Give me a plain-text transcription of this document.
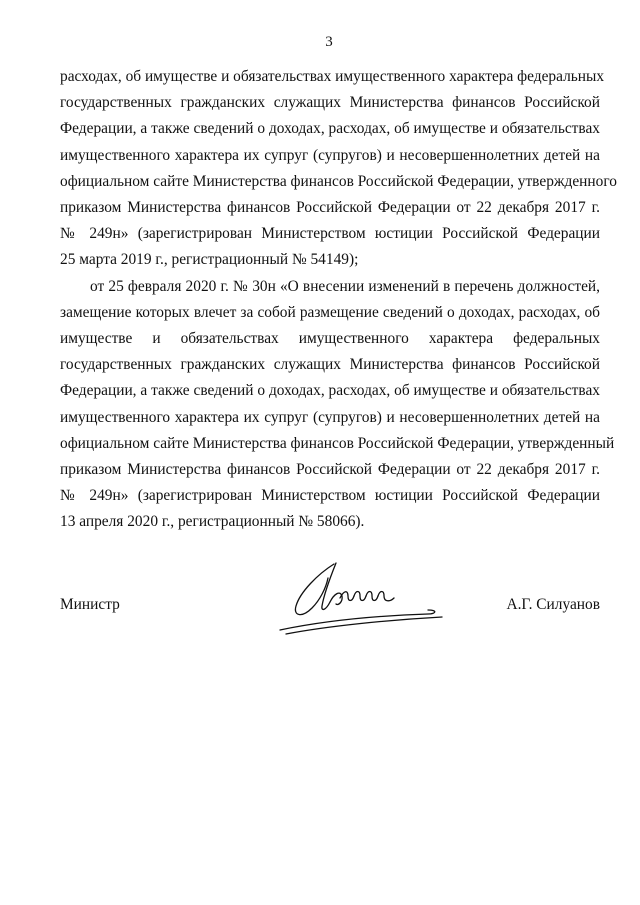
3

расходах, об имуществе и обязательствах имущественного характера федеральных
государственных гражданских служащих Министерства финансов Российской
Федерации, а также сведений о доходах, расходах, об имуществе и обязательствах
имущественного характера их супруг (супругов) и несовершеннолетних детей на
официальном сайте Министерства финансов Российской Федерации, утвержденного
приказом Министерства финансов Российской Федерации от 22 декабря 2017 г.
№ 249н» (зарегистрирован Министерством юстиции Российской Федерации
25 марта 2019 г., регистрационный № 54149);

от 25 февраля 2020 г. № 30н «О внесении изменений в перечень должностей,
замещение которых влечет за собой размещение сведений о доходах, расходах, об
имуществе и обязательствах имущественного характера федеральных
государственных гражданских служащих Министерства финансов Российской
Федерации, а также сведений о доходах, расходах, об имуществе и обязательствах
имущественного характера их супруг (супругов) и несовершеннолетних детей на
официальном сайте Министерства финансов Российской Федерации, утвержденный
приказом Министерства финансов Российской Федерации от 22 декабря 2017 г.
№ 249н» (зарегистрирован Министерством юстиции Российской Федерации
13 апреля 2020 г., регистрационный № 58066).

Министр	А.Г. Силуанов
